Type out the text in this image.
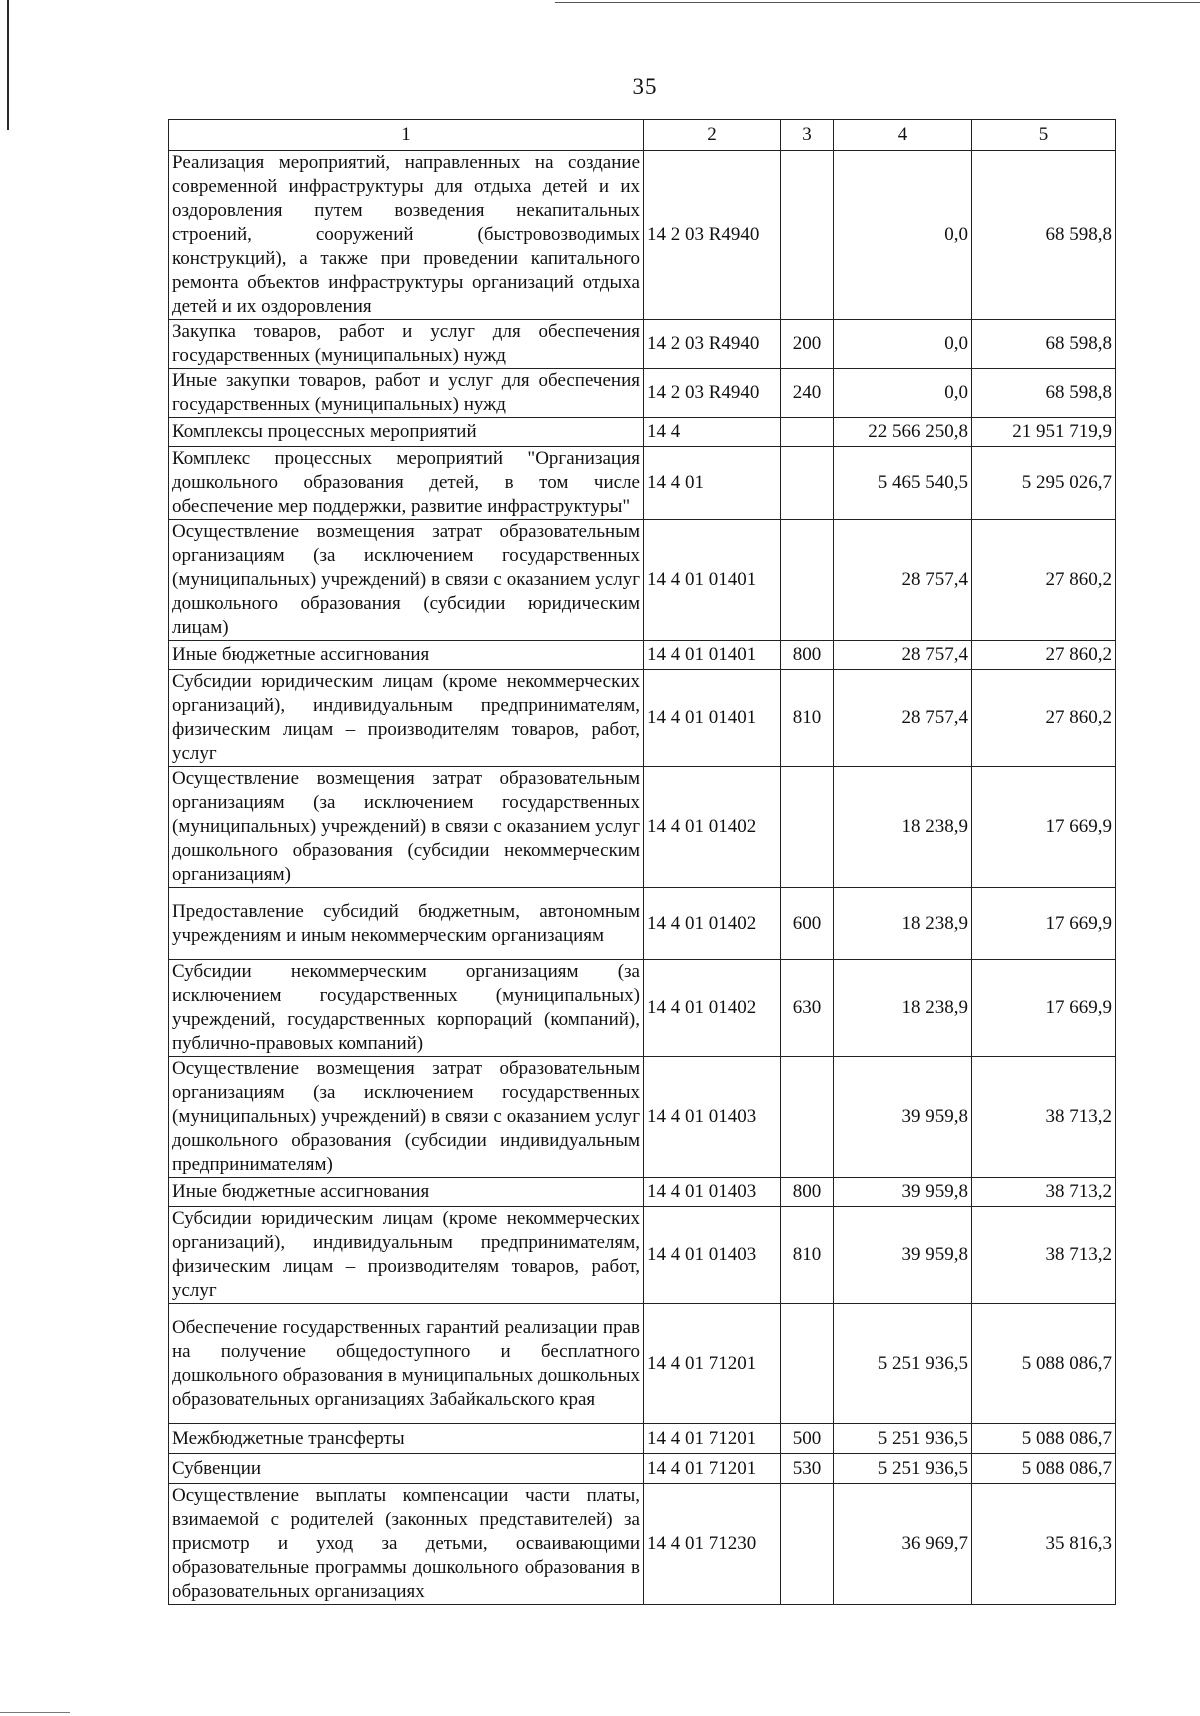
35
1	2	3	4	5
Реализация мероприятий, направленных на создание современной инфраструктуры для отдыха детей и их оздоровления путем возведения некапитальных строений, сооружений (быстровозводимых конструкций), а также при проведении капитального ремонта объектов инфраструктуры организаций отдыха детей и их оздоровления	14 2 03 R4940		0,0	68 598,8
Закупка товаров, работ и услуг для обеспечения государственных (муниципальных) нужд	14 2 03 R4940	200	0,0	68 598,8
Иные закупки товаров, работ и услуг для обеспечения государственных (муниципальных) нужд	14 2 03 R4940	240	0,0	68 598,8
Комплексы процессных мероприятий	14 4		22 566 250,8	21 951 719,9
Комплекс процессных мероприятий "Организация дошкольного образования детей, в том числе обеспечение мер поддержки, развитие инфраструктуры"	14 4 01		5 465 540,5	5 295 026,7
Осуществление возмещения затрат образовательным организациям (за исключением государственных (муниципальных) учреждений) в связи с оказанием услуг дошкольного образования (субсидии юридическим лицам)	14 4 01 01401		28 757,4	27 860,2
Иные бюджетные ассигнования	14 4 01 01401	800	28 757,4	27 860,2
Субсидии юридическим лицам (кроме некоммерческих организаций), индивидуальным предпринимателям, физическим лицам – производителям товаров, работ, услуг	14 4 01 01401	810	28 757,4	27 860,2
Осуществление возмещения затрат образовательным организациям (за исключением государственных (муниципальных) учреждений) в связи с оказанием услуг дошкольного образования (субсидии некоммерческим организациям)	14 4 01 01402		18 238,9	17 669,9
Предоставление субсидий бюджетным, автономным учреждениям и иным некоммерческим организациям	14 4 01 01402	600	18 238,9	17 669,9
Субсидии некоммерческим организациям (за исключением государственных (муниципальных) учреждений, государственных корпораций (компаний), публично-правовых компаний)	14 4 01 01402	630	18 238,9	17 669,9
Осуществление возмещения затрат образовательным организациям (за исключением государственных (муниципальных) учреждений) в связи с оказанием услуг дошкольного образования (субсидии индивидуальным предпринимателям)	14 4 01 01403		39 959,8	38 713,2
Иные бюджетные ассигнования	14 4 01 01403	800	39 959,8	38 713,2
Субсидии юридическим лицам (кроме некоммерческих организаций), индивидуальным предпринимателям, физическим лицам – производителям товаров, работ, услуг	14 4 01 01403	810	39 959,8	38 713,2
Обеспечение государственных гарантий реализации прав на получение общедоступного и бесплатного дошкольного образования в муниципальных дошкольных образовательных организациях Забайкальского края	14 4 01 71201		5 251 936,5	5 088 086,7
Межбюджетные трансферты	14 4 01 71201	500	5 251 936,5	5 088 086,7
Субвенции	14 4 01 71201	530	5 251 936,5	5 088 086,7
Осуществление выплаты компенсации части платы, взимаемой с родителей (законных представителей) за присмотр и уход за детьми, осваивающими образовательные программы дошкольного образования в образовательных организациях	14 4 01 71230		36 969,7	35 816,3
